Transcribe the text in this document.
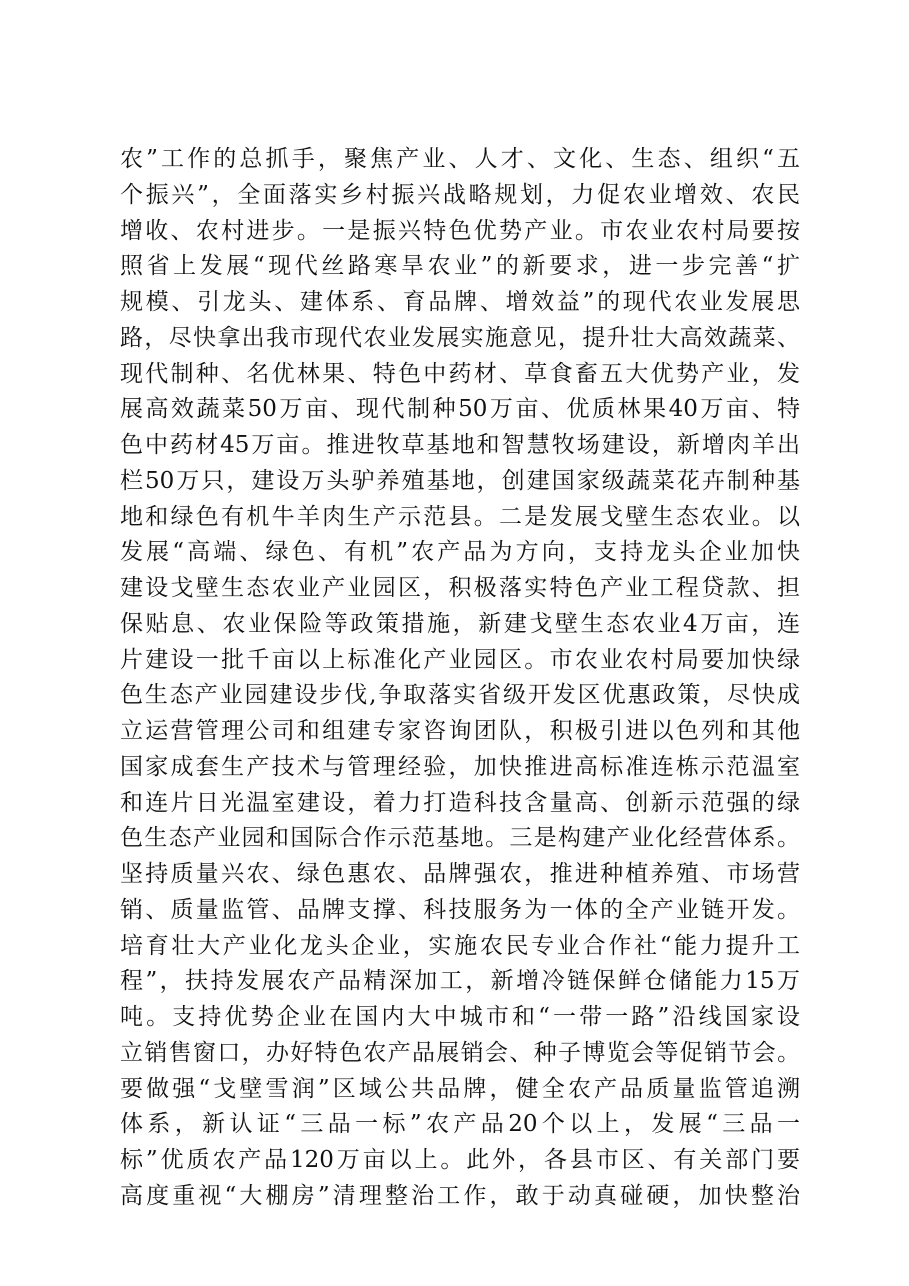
农”工作的总抓手，聚焦产业、人才、文化、生态、组织“五
个振兴”，全面落实乡村振兴战略规划，力促农业增效、农民
增收、农村进步。一是振兴特色优势产业。市农业农村局要按
照省上发展“现代丝路寒旱农业”的新要求，进一步完善“扩
规模、引龙头、建体系、育品牌、增效益”的现代农业发展思
路，尽快拿出我市现代农业发展实施意见，提升壮大高效蔬菜、
现代制种、名优林果、特色中药材、草食畜五大优势产业，发
展高效蔬菜50万亩、现代制种50万亩、优质林果40万亩、特
色中药材45万亩。推进牧草基地和智慧牧场建设，新增肉羊出
栏50万只，建设万头驴养殖基地，创建国家级蔬菜花卉制种基
地和绿色有机牛羊肉生产示范县。二是发展戈壁生态农业。以
发展“高端、绿色、有机”农产品为方向，支持龙头企业加快
建设戈壁生态农业产业园区，积极落实特色产业工程贷款、担
保贴息、农业保险等政策措施，新建戈壁生态农业4万亩，连
片建设一批千亩以上标准化产业园区。市农业农村局要加快绿
色生态产业园建设步伐,争取落实省级开发区优惠政策，尽快成
立运营管理公司和组建专家咨询团队，积极引进以色列和其他
国家成套生产技术与管理经验，加快推进高标准连栋示范温室
和连片日光温室建设，着力打造科技含量高、创新示范强的绿
色生态产业园和国际合作示范基地。三是构建产业化经营体系。
坚持质量兴农、绿色惠农、品牌强农，推进种植养殖、市场营
销、质量监管、品牌支撑、科技服务为一体的全产业链开发。
培育壮大产业化龙头企业，实施农民专业合作社“能力提升工
程”，扶持发展农产品精深加工，新增冷链保鲜仓储能力15万
吨。支持优势企业在国内大中城市和“一带一路”沿线国家设
立销售窗口，办好特色农产品展销会、种子博览会等促销节会。
要做强“戈壁雪润”区域公共品牌，健全农产品质量监管追溯
体系，新认证“三品一标”农产品20个以上，发展“三品一
标”优质农产品120万亩以上。此外，各县市区、有关部门要
高度重视“大棚房”清理整治工作，敢于动真碰硬，加快整治
